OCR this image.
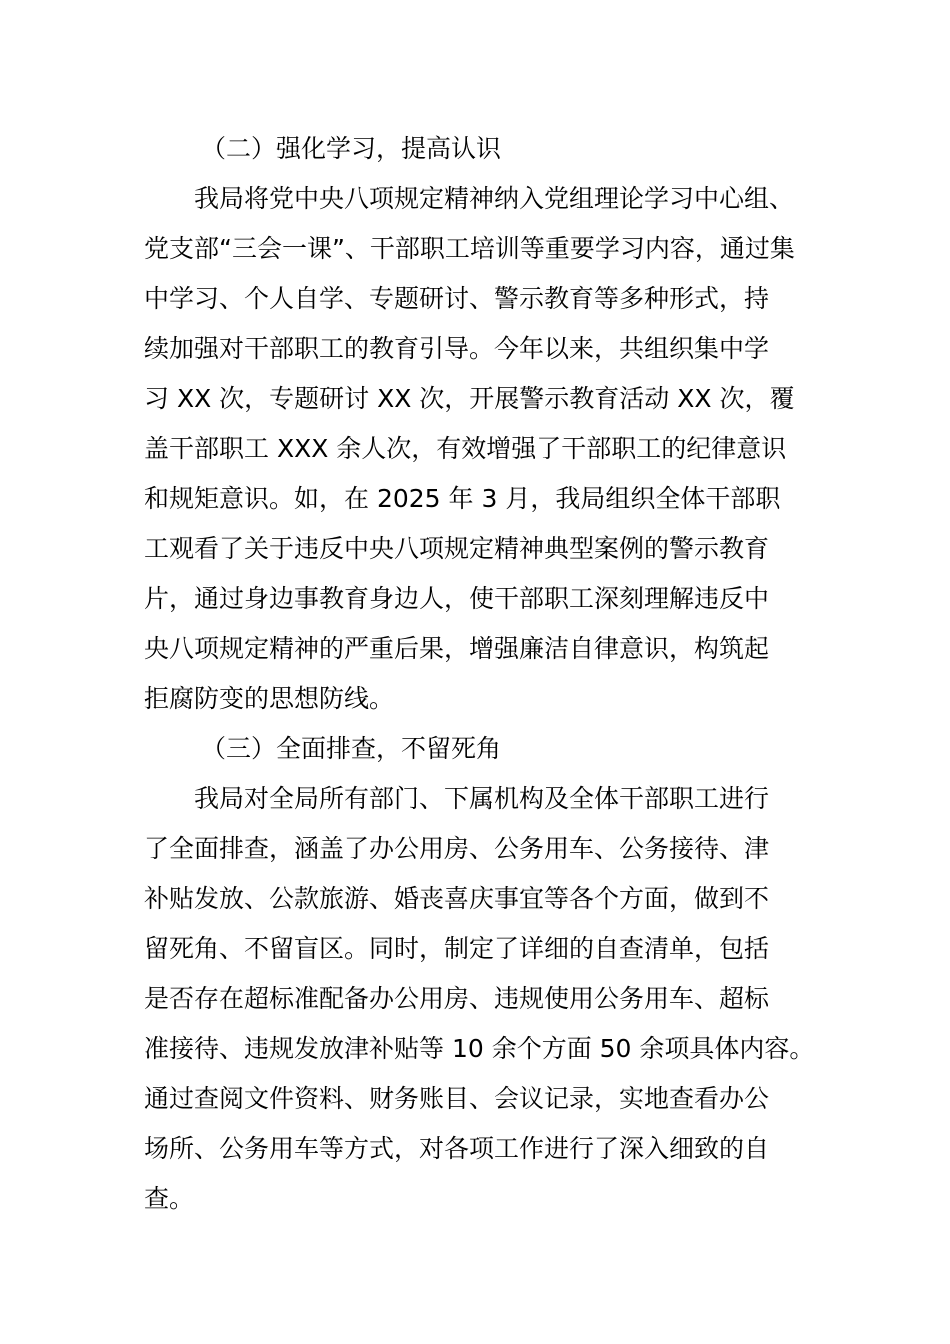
（二）强化学习，提高认识
我局将党中央八项规定精神纳入党组理论学习中心组、
党支部“三会一课”、干部职工培训等重要学习内容，通过集
中学习、个人自学、专题研讨、警示教育等多种形式，持
续加强对干部职工的教育引导。今年以来，共组织集中学
习 XX 次，专题研讨 XX 次，开展警示教育活动 XX 次，覆
盖干部职工 XXX 余人次，有效增强了干部职工的纪律意识
和规矩意识。如，在 2025 年 3 月，我局组织全体干部职
工观看了关于违反中央八项规定精神典型案例的警示教育
片，通过身边事教育身边人，使干部职工深刻理解违反中
央八项规定精神的严重后果，增强廉洁自律意识，构筑起
拒腐防变的思想防线。
（三）全面排查，不留死角
我局对全局所有部门、下属机构及全体干部职工进行
了全面排查，涵盖了办公用房、公务用车、公务接待、津
补贴发放、公款旅游、婚丧喜庆事宜等各个方面，做到不
留死角、不留盲区。同时，制定了详细的自查清单，包括
是否存在超标准配备办公用房、违规使用公务用车、超标
准接待、违规发放津补贴等 10 余个方面 50 余项具体内容。
通过查阅文件资料、财务账目、会议记录，实地查看办公
场所、公务用车等方式，对各项工作进行了深入细致的自
查。
